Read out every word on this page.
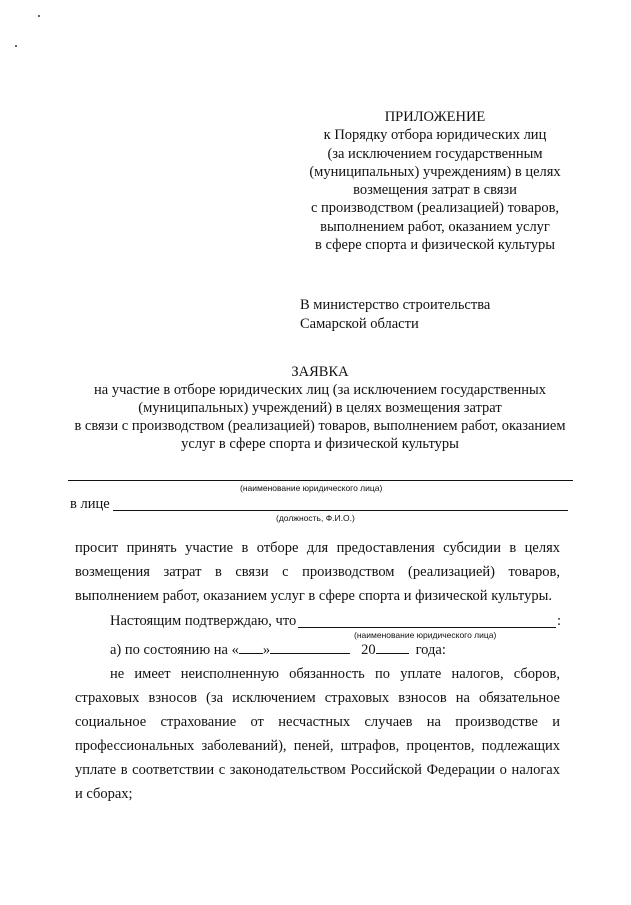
ПРИЛОЖЕНИЕ
к Порядку отбора юридических лиц
(за исключением государственным
(муниципальных) учреждениям) в целях
возмещения затрат в связи
с производством (реализацией) товаров,
выполнением работ, оказанием услуг
в сфере спорта и физической культуры
В министерство строительства
Самарской области
ЗАЯВКА
на участие в отборе юридических лиц (за исключением государственных
(муниципальных) учреждений) в целях возмещения затрат
в связи с производством (реализацией) товаров, выполнением работ, оказанием
услуг в сфере спорта и физической культуры
(наименование юридического лица)
в лице
(должность, Ф.И.О.)
просит принять участие в отборе для предоставления субсидии в целях
возмещения затрат в связи с производством (реализацией) товаров,
выполнением работ, оказанием услуг в сфере спорта и физической культуры.
Настоящим подтверждаю, что	:
(наименование юридического лица)
а) по состоянию на « »	20	года:
не имеет неисполненную обязанность по уплате налогов, сборов,
страховых взносов (за исключением страховых взносов на обязательное
социальное страхование от несчастных случаев на производстве и
профессиональных заболеваний), пеней, штрафов, процентов, подлежащих
уплате в соответствии с законодательством Российской Федерации о налогах
и сборах;
